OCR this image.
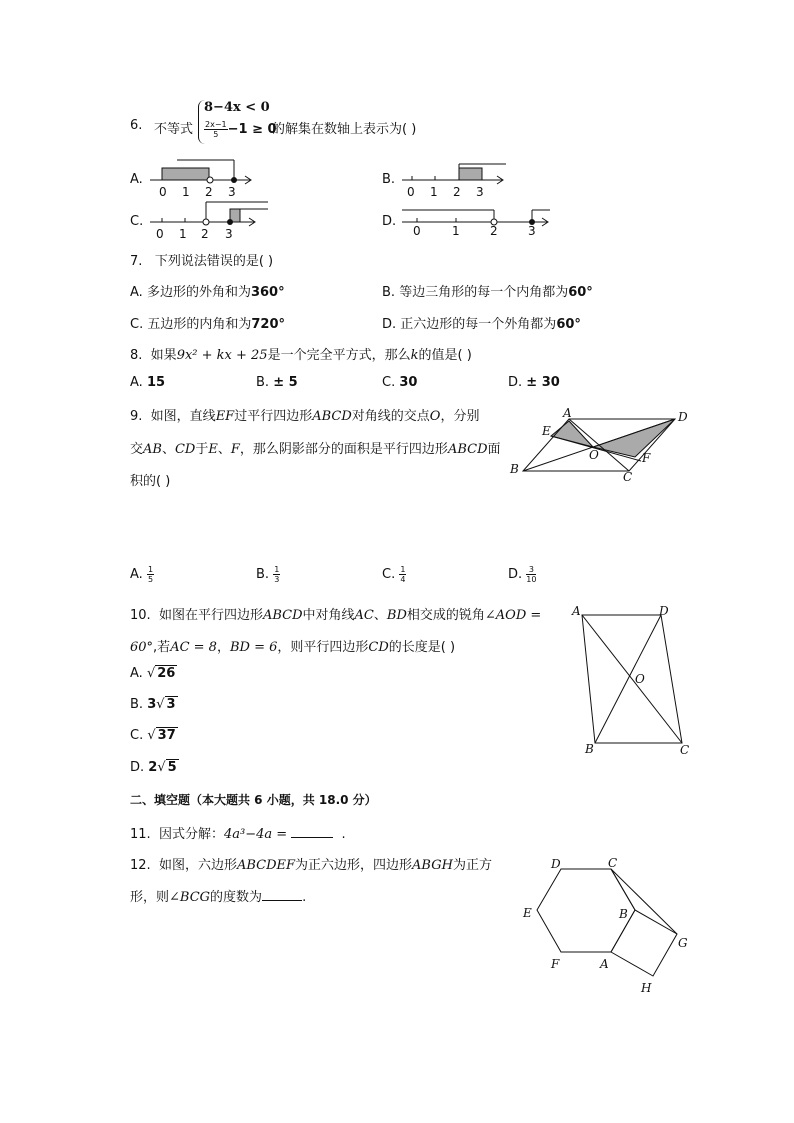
6. 不等式
8−4x < 0
$\frac{2x-1}{5} -1 \ge 0$
的解集在数轴上表示为( )
A.
0 1 2 3
B.
0 1 2 3
C.
0 1 2 3
D.
0	1	2	3
7. 下列说法错误的是( )
A. 多边形的外角和为360°	B. 等边三角形的每一个内角都为60°
C. 五边形的内角和为720°	D. 正六边形的每一个外角都为60°
8. 如果9x² + kx + 25是一个完全平方式，那么k的值是( )
A. 15	B. ± 5	C. 30	D. ± 30
9. 如图，直线EF过平行四边形ABCD对角线的交点O，分别
交AB、CD于E、F，那么阴影部分的面积是平行四边形ABCD面
积的( )
A	D
E
O	F
B
C
A. $\frac{1}{5}$	B. $\frac{1}{3}$	C. $\frac{1}{4}$	D. $\frac{3}{10}$
10. 如图在平行四边形ABCD中对角线AC、BD相交成的锐角∠AOD =
60°,若AC = 8，BD = 6，则平行四边形CD的长度是( )
A	D
O
B	C
A. √ 26
B. 3√ 3
C. √ 37
D. 2√ 5
二、填空题（本大题共 6 小题，共 18.0 分）
11. 因式分解：4a³−4a =	.
12. 如图，六边形ABCDEF为正六边形，四边形ABGH为正方
形，则∠BCG的度数为	.
D	C
E	B
G
F	A
H
